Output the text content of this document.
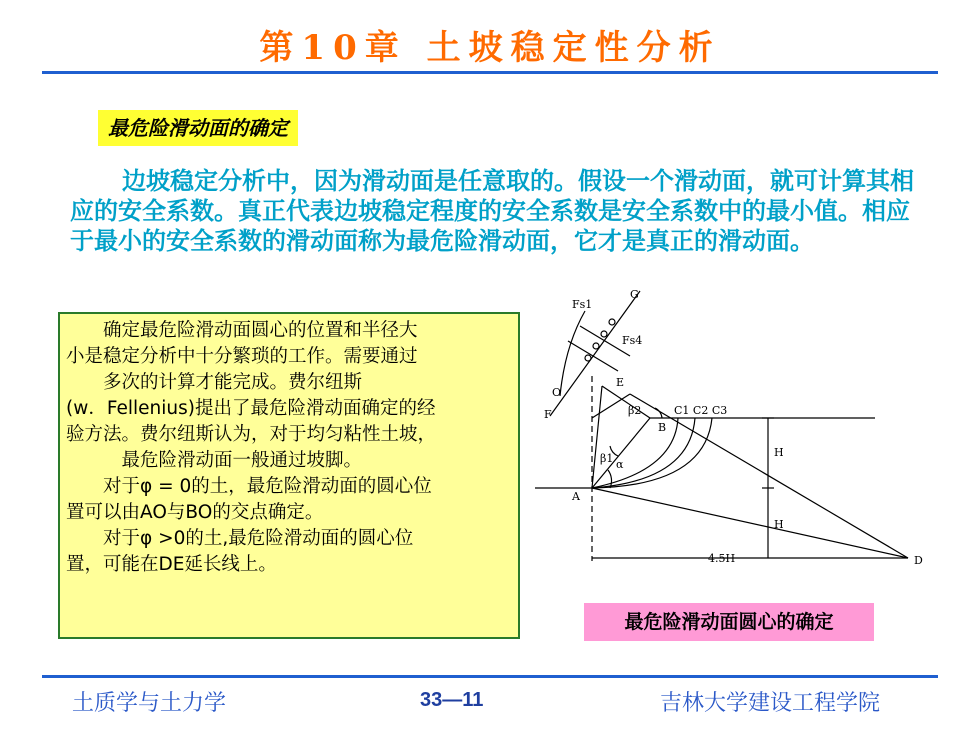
第10章 土坡稳定性分析
最危险滑动面的确定

边坡稳定分析中，因为滑动面是任意取的。假设一个滑动面，就可计算其相应的安全系数。真正代表边坡稳定程度的安全系数是安全系数中的最小值。相应于最小的安全系数的滑动面称为最危险滑动面，它才是真正的滑动面。

　　确定最危险滑动面圆心的位置和半径大
小是稳定分析中十分繁琐的工作。需要通过
　　多次的计算才能完成。费尔纽斯
(w．Fellenius)提出了最危险滑动面确定的经
验方法。费尔纽斯认为，对于均匀粘性土坡，
　　　最危险滑动面一般通过坡脚。
　　对于φ = 0的土，最危险滑动面的圆心位
置可以由AO与BO的交点确定。
　　对于φ >0的土,最危险滑动面的圆心位
置，可能在DE延长线上。
Fs1
G
Fs4
F
O
E
B
C1 C2 C3
A
D
β1
β2
α
H
H
4.5H
最危险滑动面圆心的确定
土质学与土力学	33—11	吉林大学建设工程学院
